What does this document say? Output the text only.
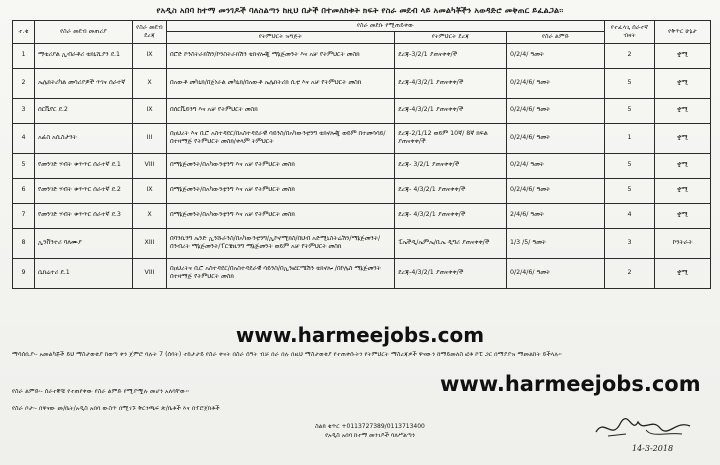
የአዲስ አበባ ከተማ መንገዶች ባለስልጣን ከዚህ በታች በተመለከቱት ክፍት የስራ መደብ ላይ አመልካቾችን አወዳድሮ መቅጠር ይፈልጋል፡፡
ተ.ቁ	የስራ መደብ መጠሪያ	የስራ መደብ ደረጃ	የስራ መደቡ የሚጠይቀው			የተፈላጊ ሰራተኛ ብዛት	የቅጥር ሁኔታ
			የትምህርት ዝግጅት	የትምህርት ደረጃ	የስራ ልምድ		
1	ማቴሪያል ኢብራቶሪ ቴክኒሺያን ደ.1	IX	በሮድ ኮንስትራክሽን/ኮንስትራክሽን ቴክኖሎጂ ማኔጅመንት እና አቻ የትምህርት መስክ	ደረጃ-3/2/1 ያጠናቀቀ/ች	0/2/4/ ዓመት	2	ቋሚ
2	ኤሌክትሪካል መሳሪያዎች ጥገና ሰራተኛ	X	በአውቶ መካኒክ/በጀነራል መካኒክ/በአውቶ ኤሌክትሪክ ሲቲ እና አቻ የትምህርት መስክ	ደረጃ-4/3/2/1 ያጠናቀቀ/ች	0/2/4/6/ ዓመት	5	ቋሚ
3	ሰርቬየር ደ.2	IX	በሰርቬይንግ እና አቻ የትምህርት መስክ	ደረጃ-4/3/2/1 ያጠናቀቀ/ች	0/2/4/6/ ዓመት	5	ቋሚ
4	አፊስ አሲስታንት	III	በዐህረት እና ቢሮ አስተዳደር/በአስተዳደራዊ ሳይንስ/በአካውንቲንግ ቴክኖሎጂ ወይም በተመሳሳይ/በተዛማጅ የትምህርት መስክ/ቀላም ትምህርት	ደረጃ-2/1/12 ወይም 10ኛ/ 8ኛ ክፍል ያጠናቀቀ/ች	0/2/4/6/ ዓመት	1	ቋሚ
5	የመንገድ ሃብት ቁጥጥር ሰራተኛ ደ.1	VIII	በማኔጅመንት/በአካውንቲንግ እና አቻ የትምህርት መስክ	ደረጃ- 3/2/1 ያጠናቀቀ/ች	0/2/4/ ዓመት	5	ቋሚ
6	የመንገድ ሃብት ቁጥጥር ሰራተኛ ደ.2	IX	በማኔጅመንት/በአካውንቲንግ እና አቻ የትምህርት መስክ	ደረጃ- 4/3/2/1 ያጠናቀቀ/ች	0/2/4/6/ ዓመት	5	ቋሚ
7	የመንገድ ሃብት ቁጥጥር ሰራተኛ ደ.3	X	በማኔጅመንት/በአካውንቲንግ እና አቻ የትምህርት መስክ	ደረጃ- 4/3/2/1 ያጠናቀቀ/ች	2/4/6/ ዓመት	4	ቋሚ
8	ኢንቨንተሪ ባለሙያ	XIII	በባንኪንግ ኤንድ ኢንሹራንስ/በአካውንቲንግ/ኢኮኖሚክስ/በህብ አድሚኒስትሬሽን/ማኔጅመንት/በንብረት ማኔጅመንት/ፐርቼዚንግ ማኔጅመንት ወይም አቻ የትምህርት መስክ	ፒኤችዲ/ኤምኤ/ቢኤ ዲግሪ ያጠናቀቀ/ች	1/3 /5/ ዓመት	3	ኮንትራት
9	ሴክሬተሪ ደ.1	VIII	በዐህረትና ቢሮ አስተዳደር/በአስተዳደራዊ ሳይንስ/በኢንፎርሜሽን ቴክኖሎ /በኮሌስ ማኔጅመንት በተዛማጅ የትምህርት መስክ	ደረጃ-4/3/2/1 ያጠናቀቀ/ች	0/2/4/6/ ዓመት	2	ቋሚ
www.harmeejobs.com
ማሳሰቢያ፡- አመልካቾች ይህ ማስታወቂያ ከወጣ ቀን ጀምሮ ባሉት 7 (ሰባት) ተከታታይ የስራ ቀናት በስራ ሰዓት ብቻ በራ በሉ በዚህ ማስታወቂያ የተጠቀሱትን የትምህርት ማስረጃዎች ዋናውን ከማይመለስ ፎቶ ኮፒ ጋር በማያያዝ ማመልከት ይችላሉ፡፡
የስራ ልምድ፡- ሰራተኞቹ የተጠየቀው የስራ ልምድ የሚያሟሉ መሆን አለባቸው፡፡
የስራ ቦታ፡- በዋናው መ/ቤት/አዲስ አበባ ውስጥ በሚገኙ ቅርንጫፍ ጽ/ቤቶች እና በፕሮጀክቶች
ስልክ ቁጥር +0113727389/0113713400
የአዲስ አበባ ከተማ መንገዶች ባለሥልጣን
www.harmeejobs.com
14-3-2018
